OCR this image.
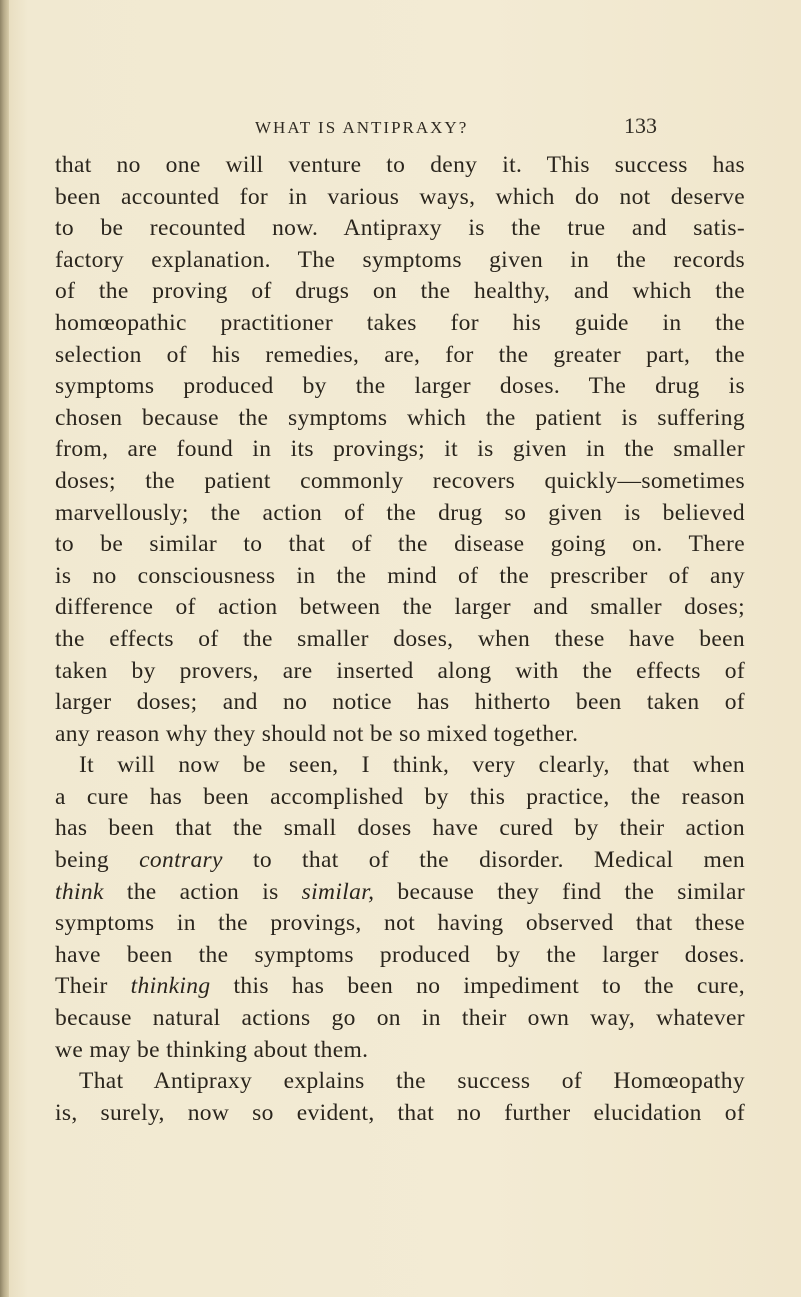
WHAT IS ANTIPRAXY?	133
that no one will venture to deny it. This success has
been accounted for in various ways, which do not deserve
to be recounted now. Antipraxy is the true and satis-
factory explanation. The symptoms given in the records
of the proving of drugs on the healthy, and which the
homœopathic practitioner takes for his guide in the
selection of his remedies, are, for the greater part, the
symptoms produced by the larger doses. The drug is
chosen because the symptoms which the patient is suffering
from, are found in its provings; it is given in the smaller
doses; the patient commonly recovers quickly—sometimes
marvellously; the action of the drug so given is believed
to be similar to that of the disease going on. There
is no consciousness in the mind of the prescriber of any
difference of action between the larger and smaller doses;
the effects of the smaller doses, when these have been
taken by provers, are inserted along with the effects of
larger doses; and no notice has hitherto been taken of
any reason why they should not be so mixed together.
It will now be seen, I think, very clearly, that when
a cure has been accomplished by this practice, the reason
has been that the small doses have cured by their action
being contrary to that of the disorder. Medical men
think the action is similar, because they find the similar
symptoms in the provings, not having observed that these
have been the symptoms produced by the larger doses.
Their thinking this has been no impediment to the cure,
because natural actions go on in their own way, whatever
we may be thinking about them.
That Antipraxy explains the success of Homœopathy
is, surely, now so evident, that no further elucidation of
